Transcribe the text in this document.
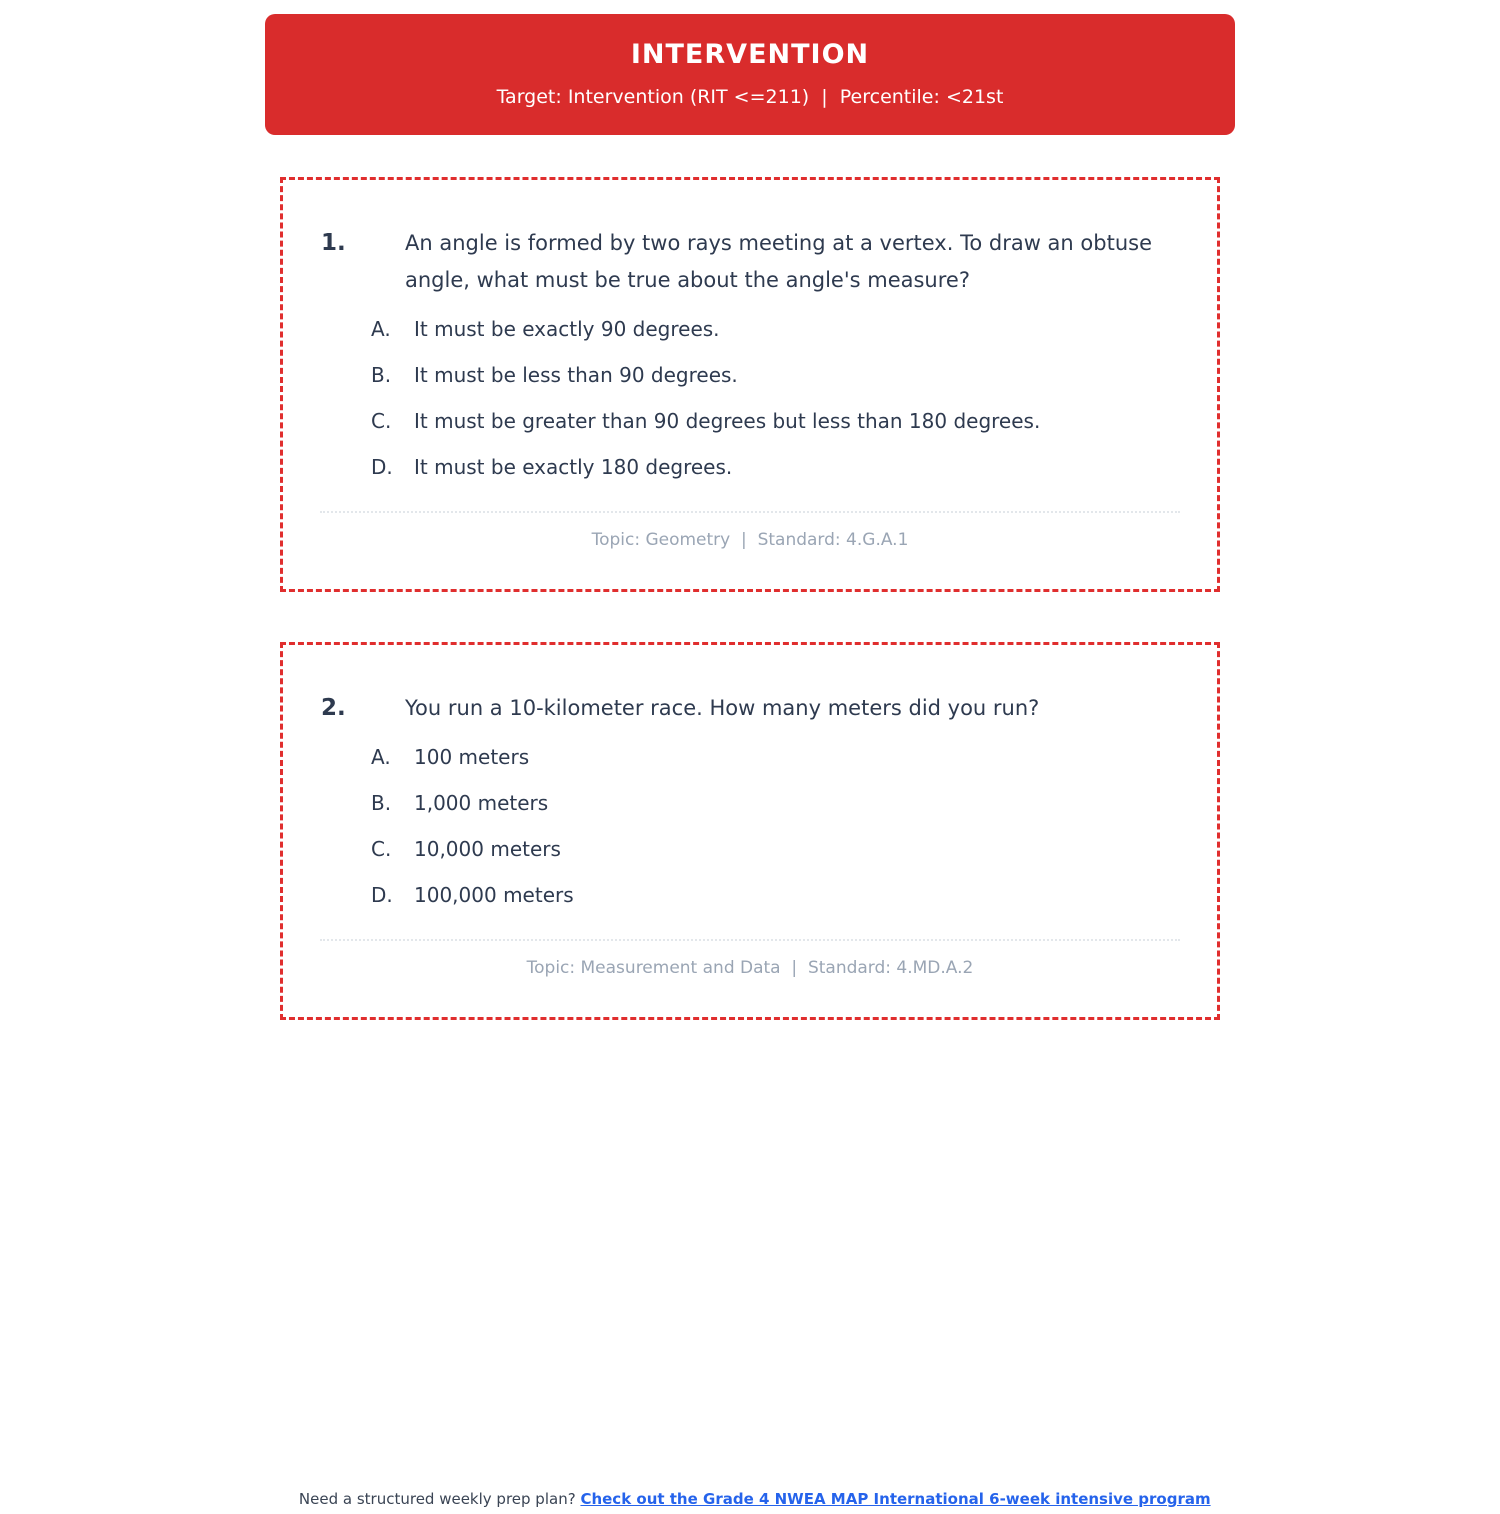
INTERVENTION
Target: Intervention (RIT <=211)  |  Percentile: <21st
1.	An angle is formed by two rays meeting at a vertex. To draw an obtuse angle, what must be true about the angle's measure?
A.	It must be exactly 90 degrees.
B.	It must be less than 90 degrees.
C.	It must be greater than 90 degrees but less than 180 degrees.
D.	It must be exactly 180 degrees.
Topic: Geometry  |  Standard: 4.G.A.1
2.	You run a 10-kilometer race. How many meters did you run?
A.	100 meters
B.	1,000 meters
C.	10,000 meters
D.	100,000 meters
Topic: Measurement and Data  |  Standard: 4.MD.A.2

Need a structured weekly prep plan? Check out the Grade 4 NWEA MAP International 6-week intensive program
